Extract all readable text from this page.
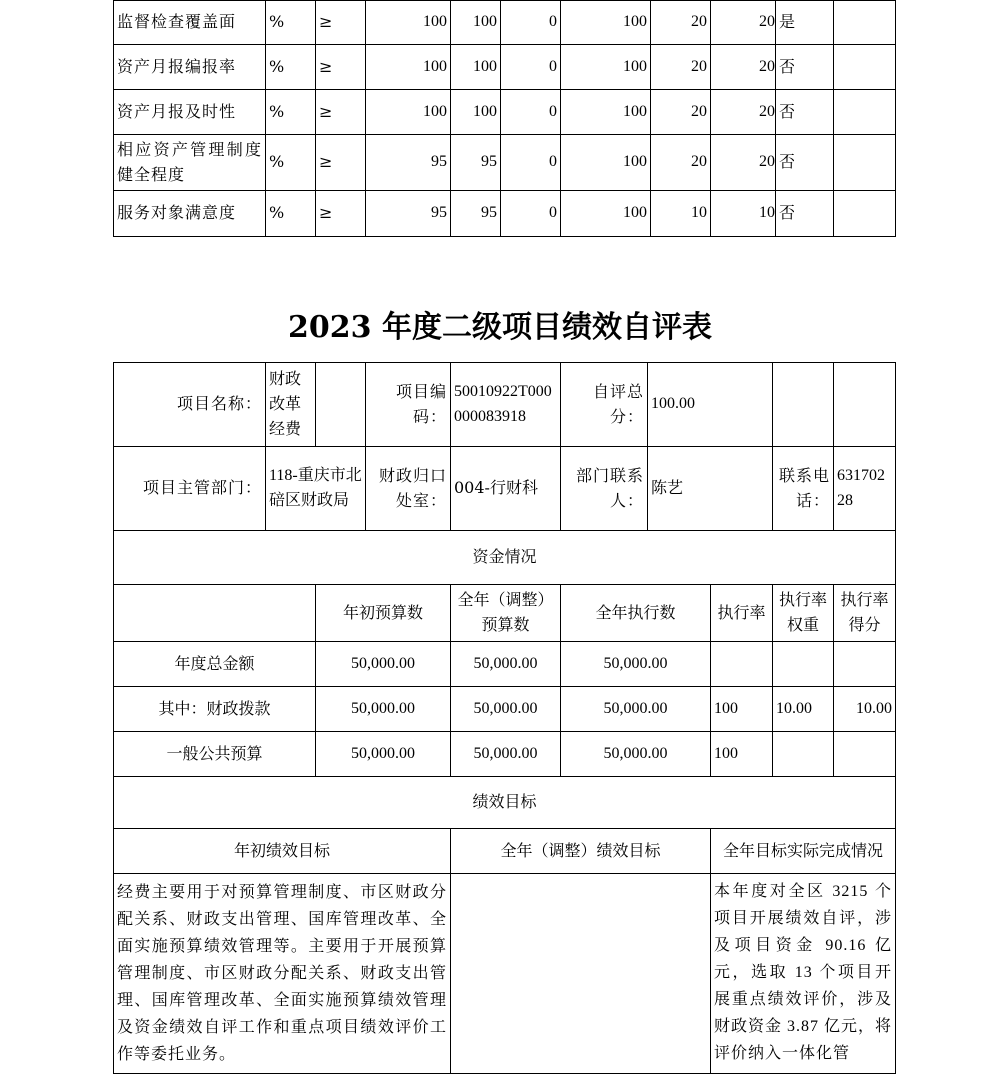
监督检查覆盖面	%	≥	100	100	0	100	20	20	是	
资产月报编报率	%	≥	100	100	0	100	20	20	否	
资产月报及时性	%	≥	100	100	0	100	20	20	否	
相应资产管理制度健全程度	%	≥	95	95	0	100	20	20	否	
服务对象满意度	%	≥	95	95	0	100	10	10	否	
2023 年度二级项目绩效自评表
项目名称：	财政改革经费		项目编码：	50010922T000000083918	自评总分：	100.00			
项目主管部门：	118-重庆市北碚区财政局		财政归口处室：	004-行财科	部门联系人：	陈艺		联系电话：	63170228
资金情况									
		年初预算数		全年（调整）预算数	全年执行数		执行率	执行率权重	执行率得分
年度总金额		50,000.00		50,000.00	50,000.00				
其中：财政拨款		50,000.00		50,000.00	50,000.00		100	10.00	10.00
一般公共预算		50,000.00		50,000.00	50,000.00		100		
绩效目标									
年初绩效目标				全年（调整）绩效目标			全年目标实际完成情况		
经费主要用于对预算管理制度、市区财政分配关系、财政支出管理、国库管理改革、全面实施预算绩效管理等。主要用于开展预算管理制度、市区财政分配关系、财政支出管理、国库管理改革、全面实施预算绩效管理及资金绩效自评工作和重点项目绩效评价工作等委托业务。							本年度对全区 3215 个项目开展绩效自评，涉及项目资金 90.16 亿元，选取 13 个项目开展重点绩效评价，涉及财政资金 3.87 亿元，将评价纳入一体化管		
